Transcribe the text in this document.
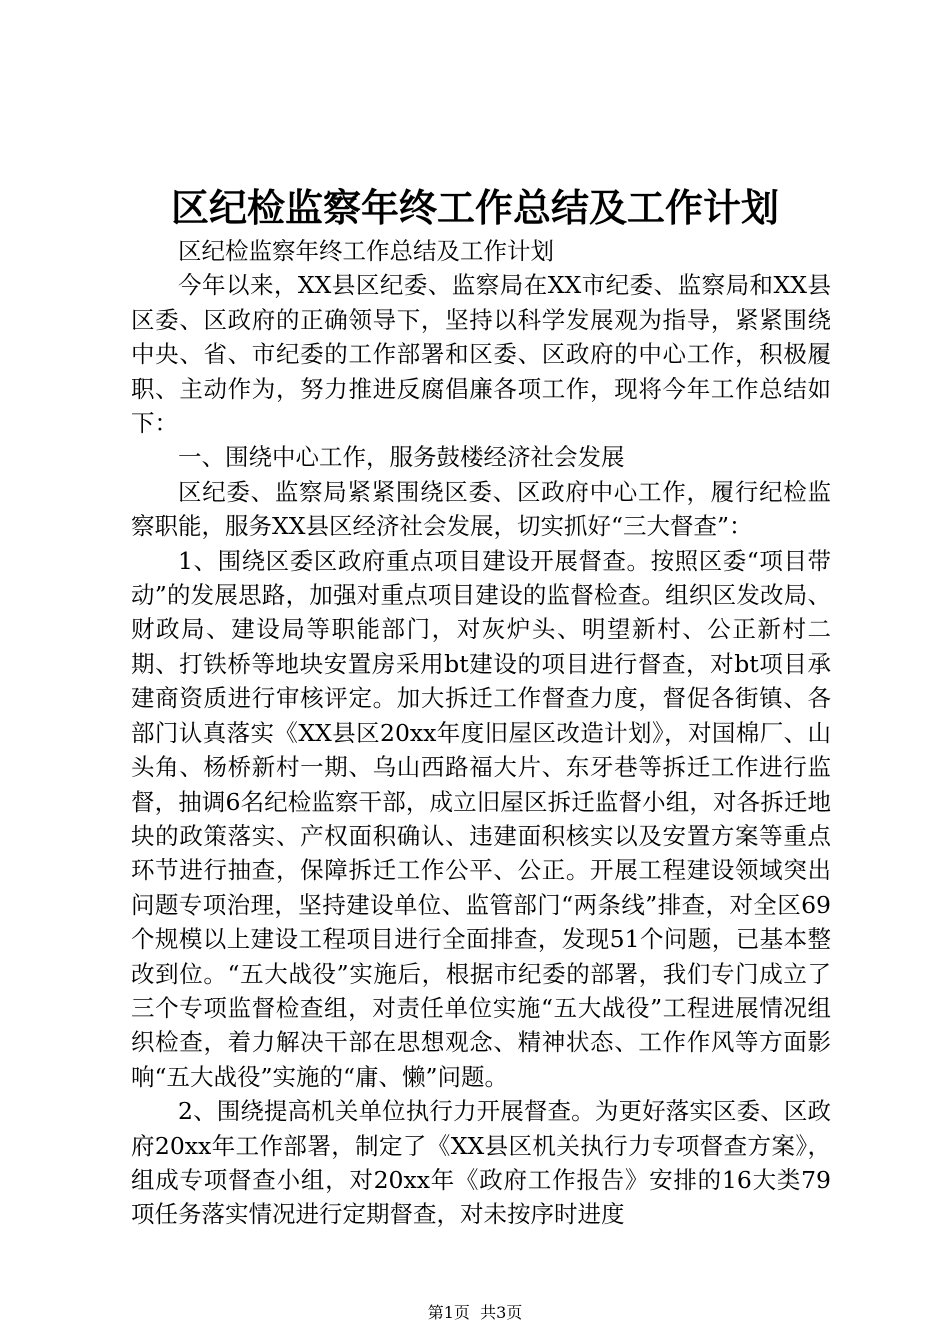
区纪检监察年终工作总结及工作计划

区纪检监察年终工作总结及工作计划

今年以来，XX县区纪委、监察局在XX市纪委、监察局和XX县区委、区政府的正确领导下，坚持以科学发展观为指导，紧紧围绕中央、省、市纪委的工作部署和区委、区政府的中心工作，积极履职、主动作为，努力推进反腐倡廉各项工作，现将今年工作总结如下：

一、围绕中心工作，服务鼓楼经济社会发展

区纪委、监察局紧紧围绕区委、区政府中心工作，履行纪检监察职能，服务XX县区经济社会发展，切实抓好“三大督查”：

1、围绕区委区政府重点项目建设开展督查。按照区委“项目带动”的发展思路，加强对重点项目建设的监督检查。组织区发改局、财政局、建设局等职能部门，对灰炉头、明望新村、公正新村二期、打铁桥等地块安置房采用bt建设的项目进行督查，对bt项目承建商资质进行审核评定。加大拆迁工作督查力度，督促各街镇、各部门认真落实《XX县区20xx年度旧屋区改造计划》，对国棉厂、山头角、杨桥新村一期、乌山西路福大片、东牙巷等拆迁工作进行监督，抽调6名纪检监察干部，成立旧屋区拆迁监督小组，对各拆迁地块的政策落实、产权面积确认、违建面积核实以及安置方案等重点环节进行抽查，保障拆迁工作公平、公正。开展工程建设领域突出问题专项治理，坚持建设单位、监管部门“两条线”排查，对全区69个规模以上建设工程项目进行全面排查，发现51个问题，已基本整改到位。“五大战役”实施后，根据市纪委的部署，我们专门成立了三个专项监督检查组，对责任单位实施“五大战役”工程进展情况组织检查，着力解决干部在思想观念、精神状态、工作作风等方面影响“五大战役”实施的“庸、懒”问题。

2、围绕提高机关单位执行力开展督查。为更好落实区委、区政府20xx年工作部署，制定了《XX县区机关执行力专项督查方案》，组成专项督查小组，对20xx年《政府工作报告》安排的16大类79项任务落实情况进行定期督查，对未按序时进度

第1页 共3页
